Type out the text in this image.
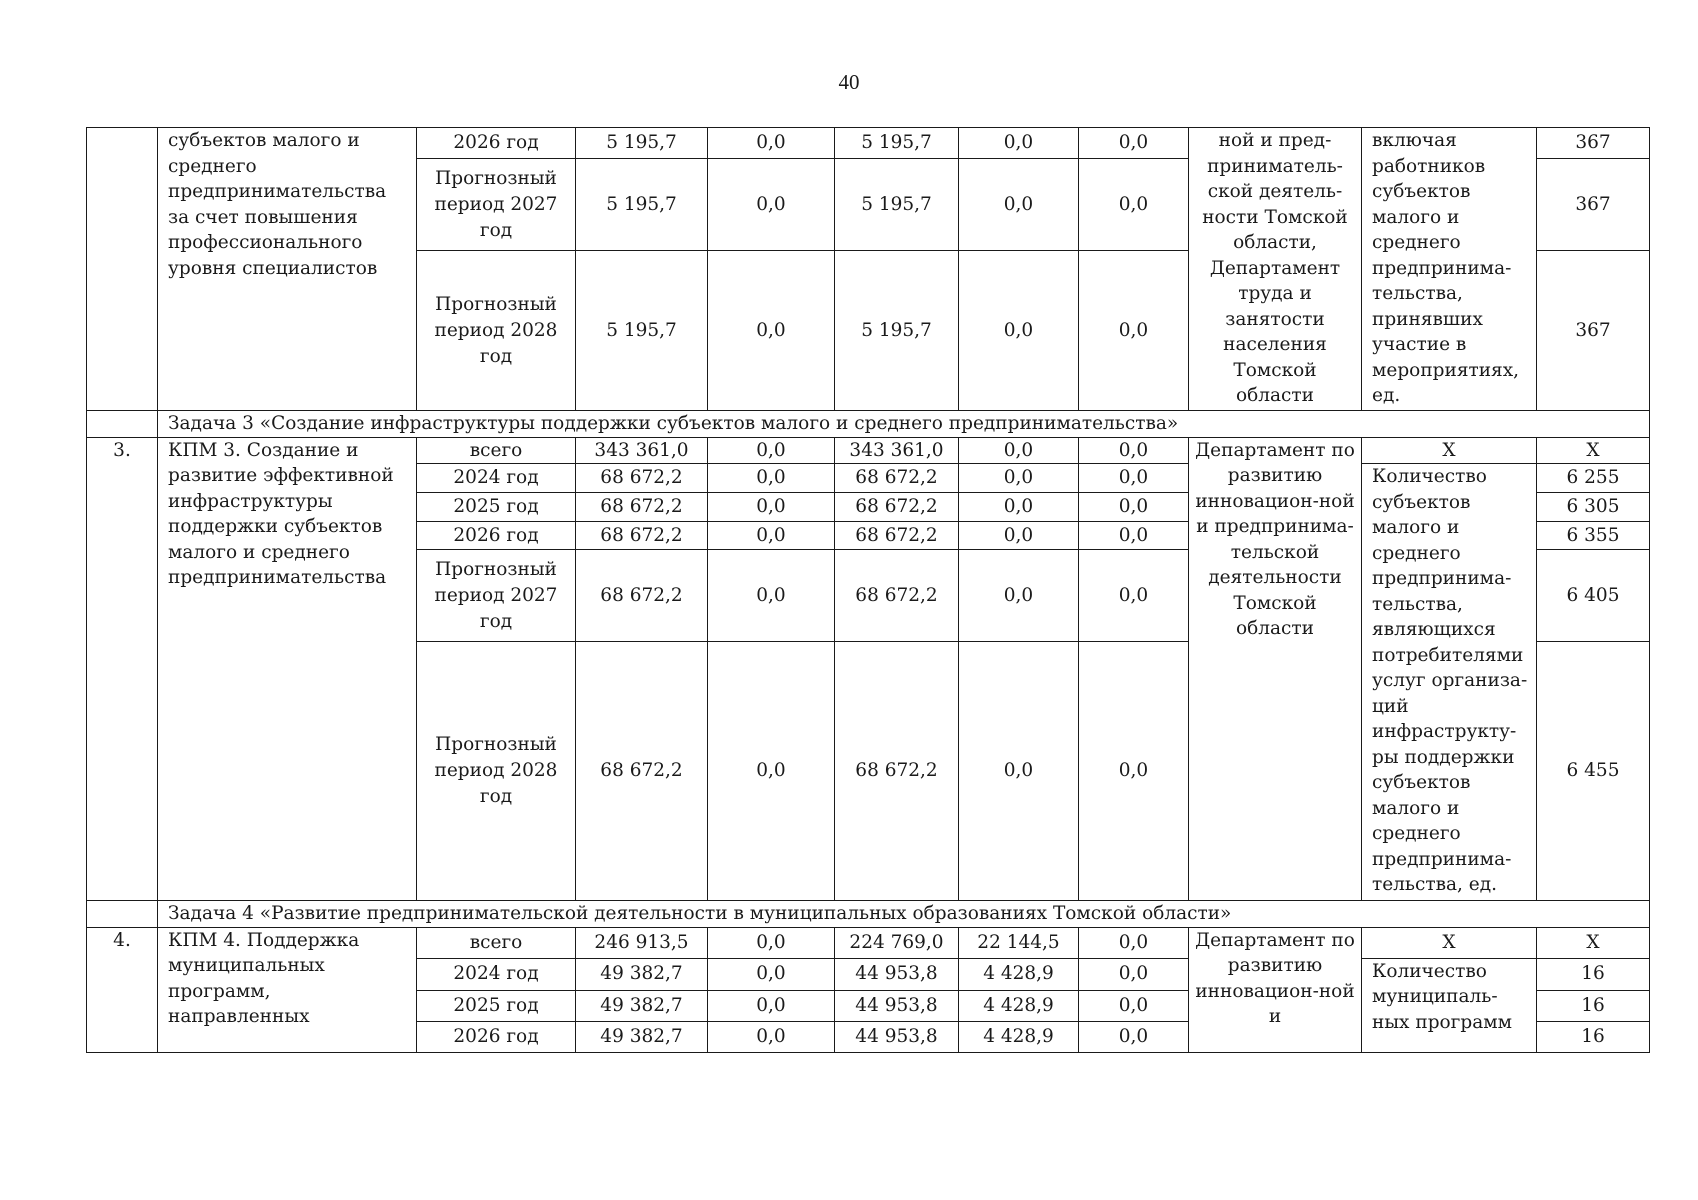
40
	субъектов малого и среднего предпринимательства за счет повышения профессионального уровня специалистов	2026 год	5 195,7	0,0	5 195,7	0,0	0,0	ной и пред-приниматель-ской деятель-ности Томской области, Департамент труда и занятости населения Томской области	включая работников субъектов малого и среднего предпринима-тельства, принявших участие в мероприятиях, ед.	367
		Прогнозный период 2027 год	5 195,7	0,0	5 195,7	0,0	0,0			367
		Прогнозный период 2028 год	5 195,7	0,0	5 195,7	0,0	0,0			367
	Задача 3 «Создание инфраструктуры поддержки субъектов малого и среднего предпринимательства»									
3.	КПМ 3. Создание и развитие эффективной инфраструктуры поддержки субъектов малого и среднего предпринимательства	всего	343 361,0	0,0	343 361,0	0,0	0,0	Департамент по развитию инновацион-ной и предпринима-тельской деятельности Томской области	Х	Х
		2024 год	68 672,2	0,0	68 672,2	0,0	0,0		Количество субъектов малого и среднего предпринима-тельства, являющихся потребителями услуг организа-ций инфраструкту-ры поддержки субъектов малого и среднего предпринима-тельства, ед.	6 255
		2025 год	68 672,2	0,0	68 672,2	0,0	0,0			6 305
		2026 год	68 672,2	0,0	68 672,2	0,0	0,0			6 355
		Прогнозный период 2027 год	68 672,2	0,0	68 672,2	0,0	0,0			6 405
		Прогнозный период 2028 год	68 672,2	0,0	68 672,2	0,0	0,0			6 455
	Задача 4 «Развитие предпринимательской деятельности в муниципальных образованиях Томской области»									
4.	КПМ 4. Поддержка муниципальных программ, направленных	всего	246 913,5	0,0	224 769,0	22 144,5	0,0	Департамент по развитию инновацион-ной и	Х	Х
		2024 год	49 382,7	0,0	44 953,8	4 428,9	0,0		Количество муниципаль-ных программ	16
		2025 год	49 382,7	0,0	44 953,8	4 428,9	0,0			16
		2026 год	49 382,7	0,0	44 953,8	4 428,9	0,0			16
